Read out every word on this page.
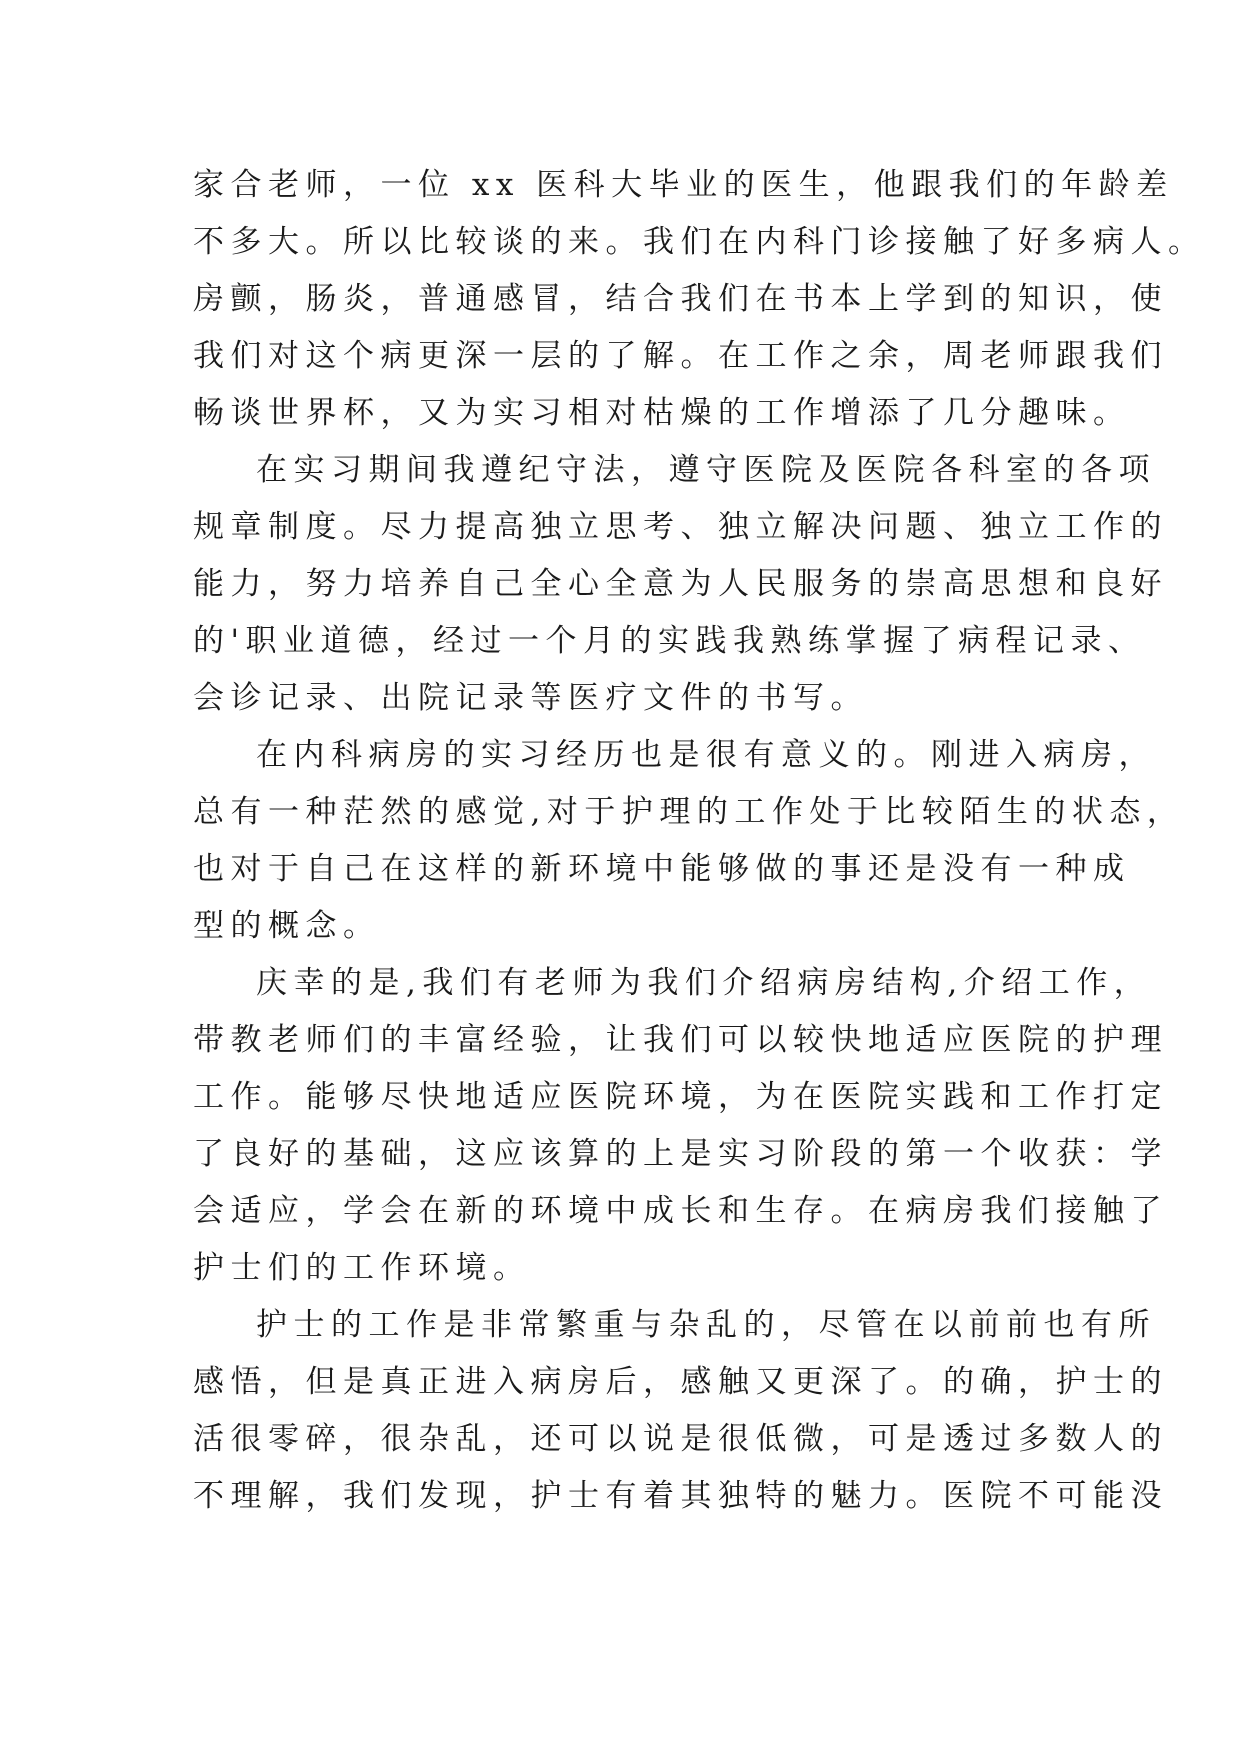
家合老师，一位 xx 医科大毕业的医生，他跟我们的年龄差
不多大。所以比较谈的来。我们在内科门诊接触了好多病人。
房颤，肠炎，普通感冒，结合我们在书本上学到的知识，使
我们对这个病更深一层的了解。在工作之余，周老师跟我们
畅谈世界杯，又为实习相对枯燥的工作增添了几分趣味。
在实习期间我遵纪守法，遵守医院及医院各科室的各项
规章制度。尽力提高独立思考、独立解决问题、独立工作的
能力，努力培养自己全心全意为人民服务的崇高思想和良好
的'职业道德，经过一个月的实践我熟练掌握了病程记录、
会诊记录、出院记录等医疗文件的书写。
在内科病房的实习经历也是很有意义的。刚进入病房，
总有一种茫然的感觉,对于护理的工作处于比较陌生的状态，
也对于自己在这样的新环境中能够做的事还是没有一种成
型的概念。
庆幸的是,我们有老师为我们介绍病房结构,介绍工作，
带教老师们的丰富经验，让我们可以较快地适应医院的护理
工作。能够尽快地适应医院环境，为在医院实践和工作打定
了良好的基础，这应该算的上是实习阶段的第一个收获：学
会适应，学会在新的环境中成长和生存。在病房我们接触了
护士们的工作环境。
护士的工作是非常繁重与杂乱的，尽管在以前前也有所
感悟，但是真正进入病房后，感触又更深了。的确，护士的
活很零碎，很杂乱，还可以说是很低微，可是透过多数人的
不理解，我们发现，护士有着其独特的魅力。医院不可能没
